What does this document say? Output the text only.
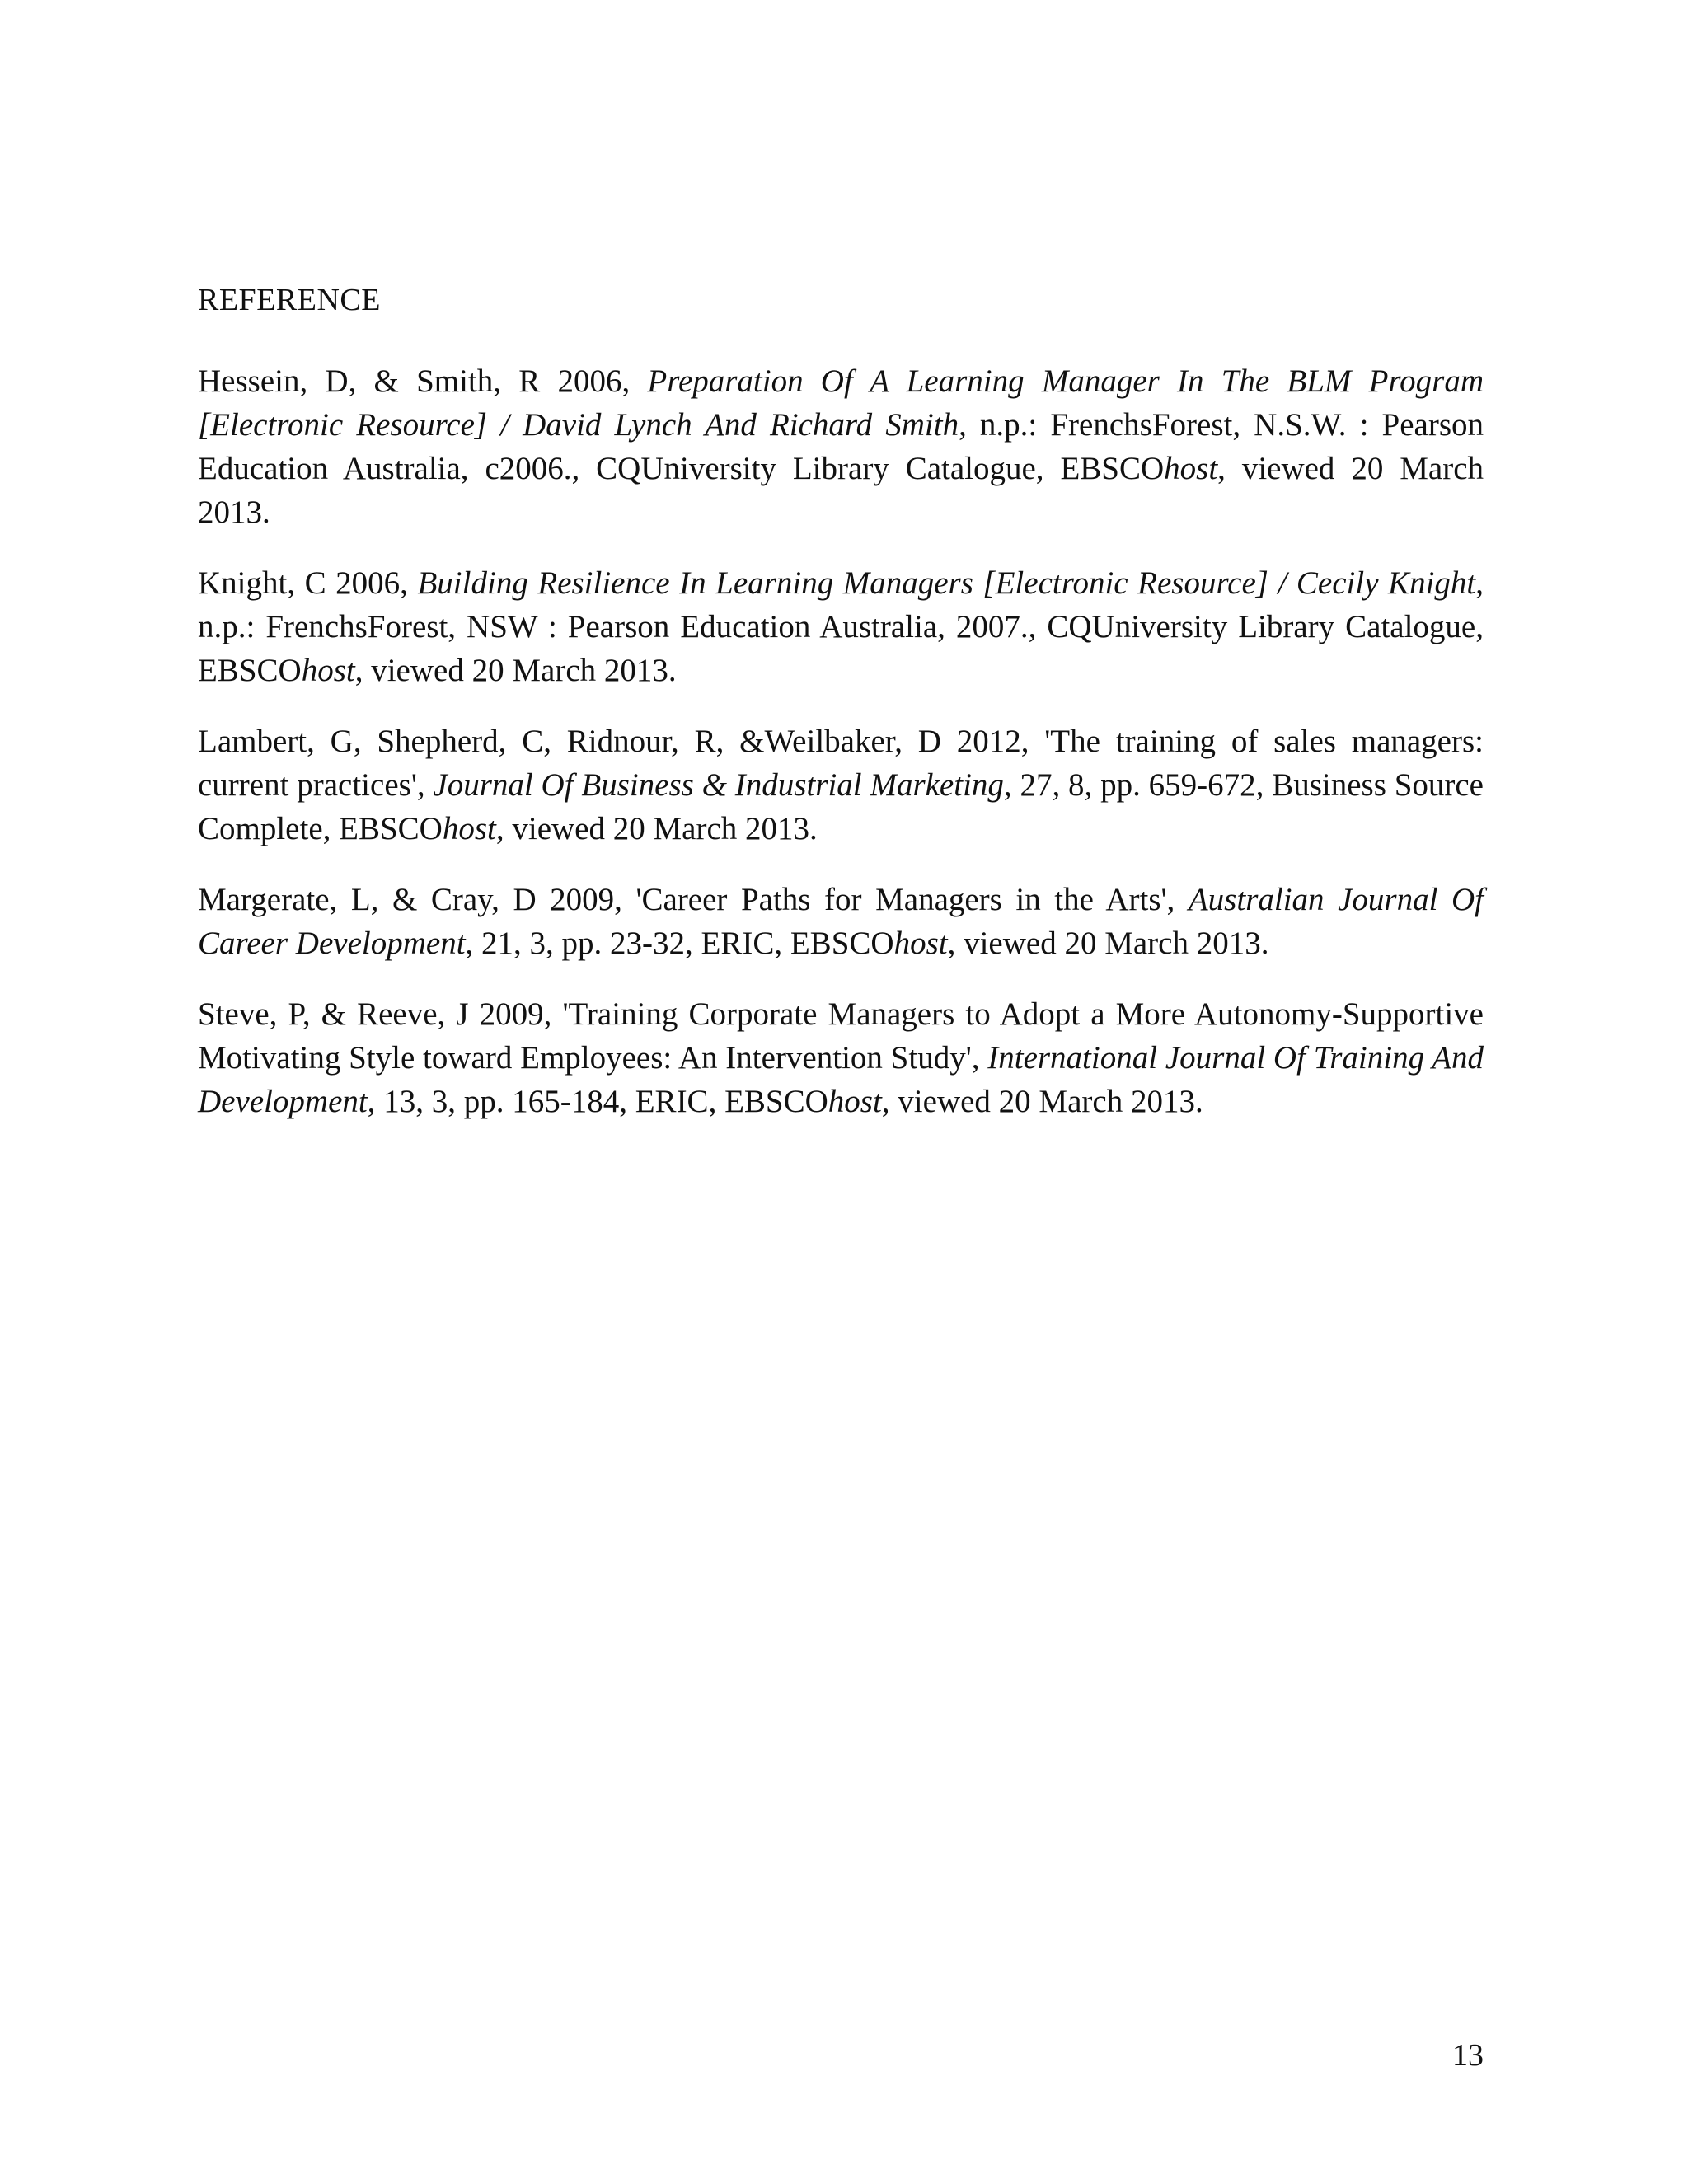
REFERENCE

Hessein, D, & Smith, R 2006, Preparation Of A Learning Manager In The BLM Program [Electronic Resource] / David Lynch And Richard Smith, n.p.: FrenchsForest, N.S.W. : Pearson Education Australia, c2006., CQUniversity Library Catalogue, EBSCOhost, viewed 20 March 2013.

Knight, C 2006, Building Resilience In Learning Managers [Electronic Resource] / Cecily Knight, n.p.: FrenchsForest, NSW : Pearson Education Australia, 2007., CQUniversity Library Catalogue, EBSCOhost, viewed 20 March 2013.

Lambert, G, Shepherd, C, Ridnour, R, &Weilbaker, D 2012, 'The training of sales managers: current practices', Journal Of Business & Industrial Marketing, 27, 8, pp. 659-672, Business Source Complete, EBSCOhost, viewed 20 March 2013.

Margerate, L, & Cray, D 2009, 'Career Paths for Managers in the Arts', Australian Journal Of Career Development, 21, 3, pp. 23-32, ERIC, EBSCOhost, viewed 20 March 2013.

Steve, P, & Reeve, J 2009, 'Training Corporate Managers to Adopt a More Autonomy-Supportive Motivating Style toward Employees: An Intervention Study', International Journal Of Training And Development, 13, 3, pp. 165-184, ERIC, EBSCOhost, viewed 20 March 2013.

13
